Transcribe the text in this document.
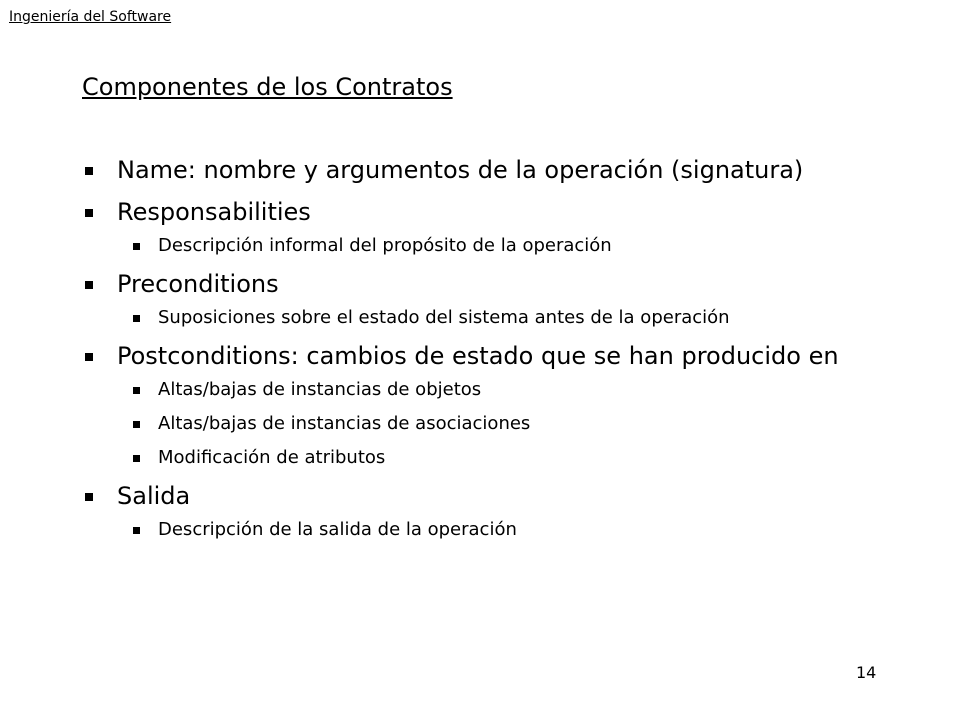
Ingeniería del Software
Componentes de los Contratos
Name: nombre y argumentos de la operación (signatura)
Responsabilities
Descripción informal del propósito de la operación
Preconditions
Suposiciones sobre el estado del sistema antes de la operación
Postconditions: cambios de estado que se han producido en
Altas/bajas de instancias de objetos
Altas/bajas de instancias de asociaciones
Modificación de atributos
Salida
Descripción de la salida de la operación
14
